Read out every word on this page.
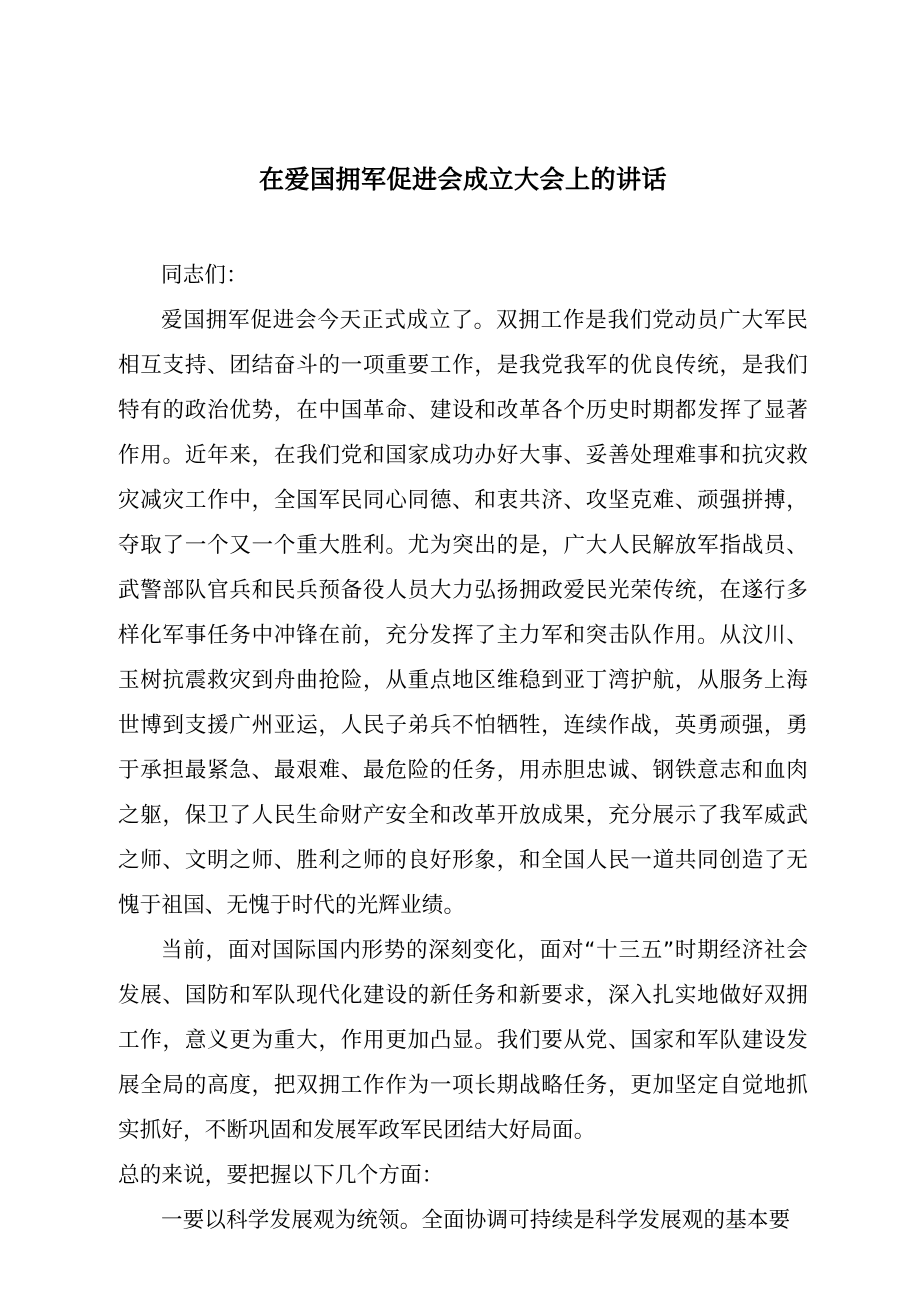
在爱国拥军促进会成立大会上的讲话

同志们：

爱国拥军促进会今天正式成立了。双拥工作是我们党动员广大军民相互支持、团结奋斗的一项重要工作，是我党我军的优良传统，是我们特有的政治优势，在中国革命、建设和改革各个历史时期都发挥了显著作用。近年来，在我们党和国家成功办好大事、妥善处理难事和抗灾救灾减灾工作中，全国军民同心同德、和衷共济、攻坚克难、顽强拼搏，夺取了一个又一个重大胜利。尤为突出的是，广大人民解放军指战员、武警部队官兵和民兵预备役人员大力弘扬拥政爱民光荣传统，在遂行多样化军事任务中冲锋在前，充分发挥了主力军和突击队作用。从汶川、玉树抗震救灾到舟曲抢险，从重点地区维稳到亚丁湾护航，从服务上海世博到支援广州亚运，人民子弟兵不怕牺牲，连续作战，英勇顽强，勇于承担最紧急、最艰难、最危险的任务，用赤胆忠诚、钢铁意志和血肉之躯，保卫了人民生命财产安全和改革开放成果，充分展示了我军威武之师、文明之师、胜利之师的良好形象，和全国人民一道共同创造了无愧于祖国、无愧于时代的光辉业绩。

当前，面对国际国内形势的深刻变化，面对“十三五”时期经济社会发展、国防和军队现代化建设的新任务和新要求，深入扎实地做好双拥工作，意义更为重大，作用更加凸显。我们要从党、国家和军队建设发展全局的高度，把双拥工作作为一项长期战略任务，更加坚定自觉地抓实抓好，不断巩固和发展军政军民团结大好局面。

总的来说，要把握以下几个方面：

一要以科学发展观为统领。全面协调可持续是科学发展观的基本要
